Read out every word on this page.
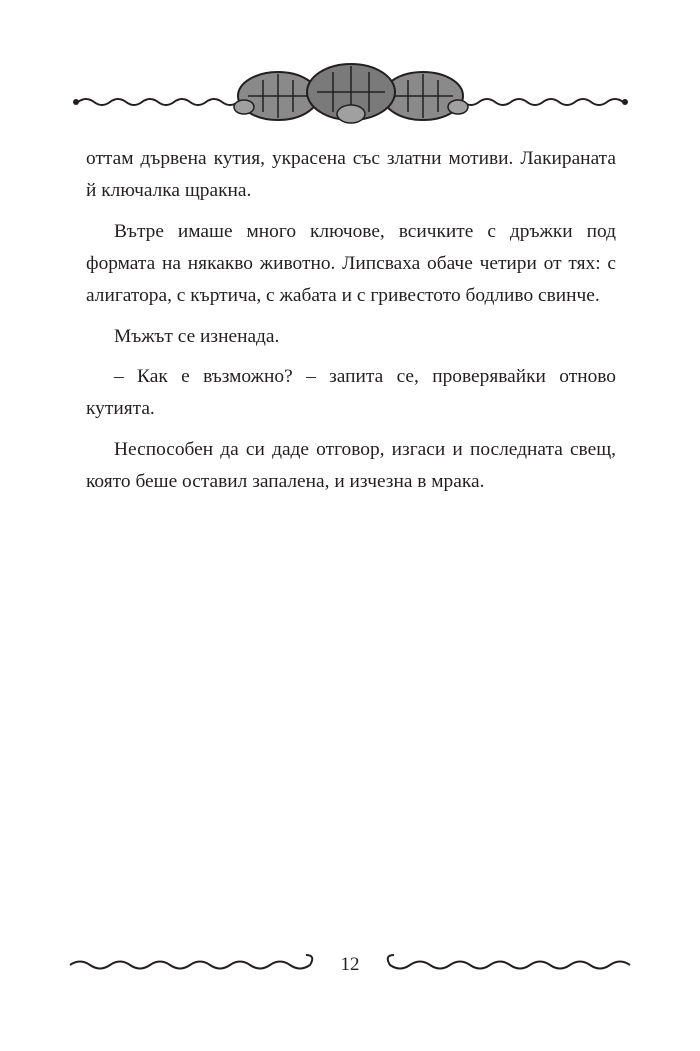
оттам дървена кутия, украсена със златни мотиви. Лакираната й ключалка щракна.

Вътре имаше много ключове, всичките с дръжки под формата на някакво животно. Липсваха обаче четири от тях: с алигатора, с къртича, с жабата и с гривестото бодливо свинче.

Мъжът се изненада.

– Как е възможно? – запита се, проверявайки отново кутията.

Неспособен да си даде отговор, изгаси и последната свещ, която беше оставил запалена, и изчезна в мрака.

12
